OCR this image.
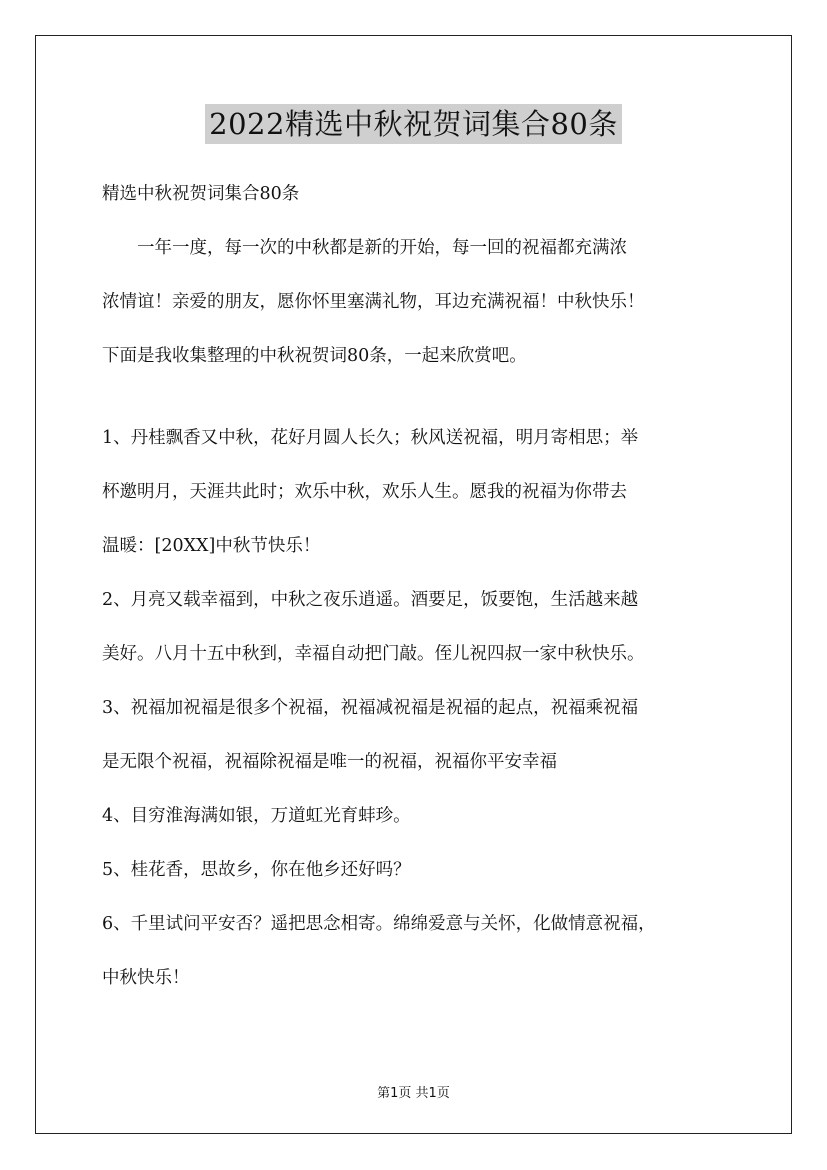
2022精选中秋祝贺词集合80条
精选中秋祝贺词集合80条
一年一度，每一次的中秋都是新的开始，每一回的祝福都充满浓
浓情谊！亲爱的朋友，愿你怀里塞满礼物，耳边充满祝福！中秋快乐！
下面是我收集整理的中秋祝贺词80条，一起来欣赏吧。
1、丹桂飘香又中秋，花好月圆人长久；秋风送祝福，明月寄相思；举
杯邀明月，天涯共此时；欢乐中秋，欢乐人生。愿我的祝福为你带去
温暖：[20XX]中秋节快乐！
2、月亮又载幸福到，中秋之夜乐逍遥。酒要足，饭要饱，生活越来越
美好。八月十五中秋到，幸福自动把门敲。侄儿祝四叔一家中秋快乐。
3、祝福加祝福是很多个祝福，祝福减祝福是祝福的起点，祝福乘祝福
是无限个祝福，祝福除祝福是唯一的祝福，祝福你平安幸福
4、目穷淮海满如银，万道虹光育蚌珍。
5、桂花香，思故乡，你在他乡还好吗？
6、千里试问平安否？遥把思念相寄。绵绵爱意与关怀，化做情意祝福，
中秋快乐！
第1页 共1页
